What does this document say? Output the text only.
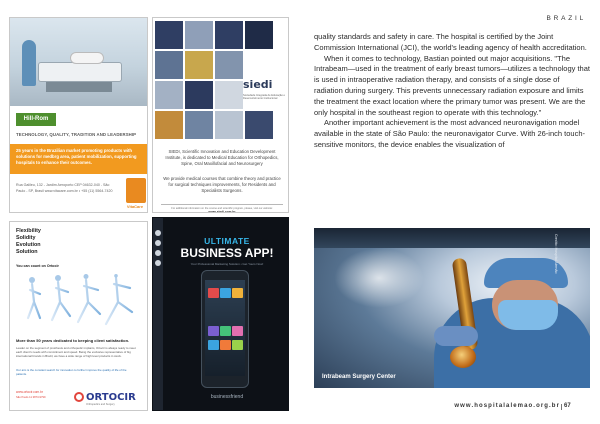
Hill-Rom
TECHNOLOGY, QUALITY, TRADITION AND LEADERSHIP
25 years in the Brazilian market promoting products with solutions for medbrg area, patient mobilization, supporting hospitals to enhance their outcomes.
Rua Galileu, 132 - Jardim Aeroporto CEP 04632-040 - São Paulo - SP, Brasil www.vitacare.com.br • +55 (11) 5564-7420
VitaCare
siedi
Sociedade Integrada de Educação e Desenvolvimento Institucional
SIEDI, Scientific Innovation and Education Development Institute, is dedicated to Medical Education for Orthopedics, Spine, Oral Maxillofacial and Neurosurgery
We provide medical courses that combine theory and practice for surgical techniques improvements, for Residents and Specialists Surgeons.
For additional information on the course and scientific program, please, visit our website:
www.siedi.com.br
Flexibility
Solidity
Evolution
Solution
You can count on Ortocir
More than 50 years dedicated to keeping client satisfaction.
Leader on the segment of prosthesis and orthopedic implants, Ortocir is always ready to meet each client's needs with commitment and speed. Being the exclusive representative of big international brands in Brazil, we have a wide range of high level products in stock.
Our aim is the constant search for innovation to further improve the quality of life of the patients.
www.ortocir.com.br
São Paulo 11 3873-9799	ORTOCIR
Orthopedics and Surgery
ULTIMATE
BUSINESS APP!
Your Professional Marketing Solution • Get Yours Now!
businessfriend
BRAZIL

quality standards and safety in care. The hospital is certified by the Joint Commission International (JCI), the world's leading agency of health accreditation.

When it comes to technology, Bastian pointed out major acquisitions. "The Intrabeam—used in the treatment of early breast tumors—utilizes a technology that is used in intraoperative radiation therapy, and consists of a single dose of radiation during surgery. This prevents unnecessary radiation exposure and limits the treatment the exact location where the primary tumor was present. We are the only hospital in the southeast region to operate with this technology."

Another important achievement is the most advanced neuronavigation model available in the state of São Paulo: the neuronavigator Curve. With 26-inch touch-sensitive monitors, the device enables the visualization of

Intrabeam Surgery Center
Credito: Hospital Alemão
www.hospitalalemao.org.br 67
